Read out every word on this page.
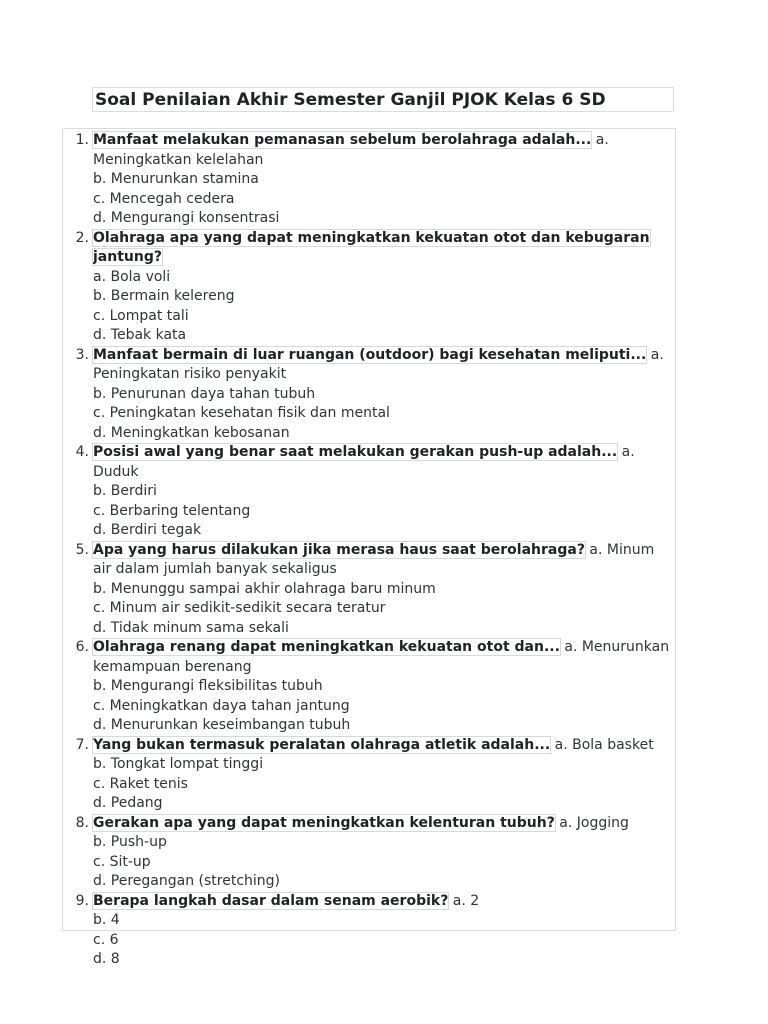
Soal Penilaian Akhir Semester Ganjil PJOK Kelas 6 SD
1. Manfaat melakukan pemanasan sebelum berolahraga adalah... a. Meningkatkan kelelahan
b. Menurunkan stamina
c. Mencegah cedera
d. Mengurangi konsentrasi
2. Olahraga apa yang dapat meningkatkan kekuatan otot dan kebugaran jantung?
a. Bola voli
b. Bermain kelereng
c. Lompat tali
d. Tebak kata
3. Manfaat bermain di luar ruangan (outdoor) bagi kesehatan meliputi... a. Peningkatan risiko penyakit
b. Penurunan daya tahan tubuh
c. Peningkatan kesehatan fisik dan mental
d. Meningkatkan kebosanan
4. Posisi awal yang benar saat melakukan gerakan push-up adalah... a. Duduk
b. Berdiri
c. Berbaring telentang
d. Berdiri tegak
5. Apa yang harus dilakukan jika merasa haus saat berolahraga? a. Minum air dalam jumlah banyak sekaligus
b. Menunggu sampai akhir olahraga baru minum
c. Minum air sedikit-sedikit secara teratur
d. Tidak minum sama sekali
6. Olahraga renang dapat meningkatkan kekuatan otot dan... a. Menurunkan kemampuan berenang
b. Mengurangi fleksibilitas tubuh
c. Meningkatkan daya tahan jantung
d. Menurunkan keseimbangan tubuh
7. Yang bukan termasuk peralatan olahraga atletik adalah... a. Bola basket
b. Tongkat lompat tinggi
c. Raket tenis
d. Pedang
8. Gerakan apa yang dapat meningkatkan kelenturan tubuh? a. Jogging
b. Push-up
c. Sit-up
d. Peregangan (stretching)
9. Berapa langkah dasar dalam senam aerobik? a. 2
b. 4
c. 6
d. 8
